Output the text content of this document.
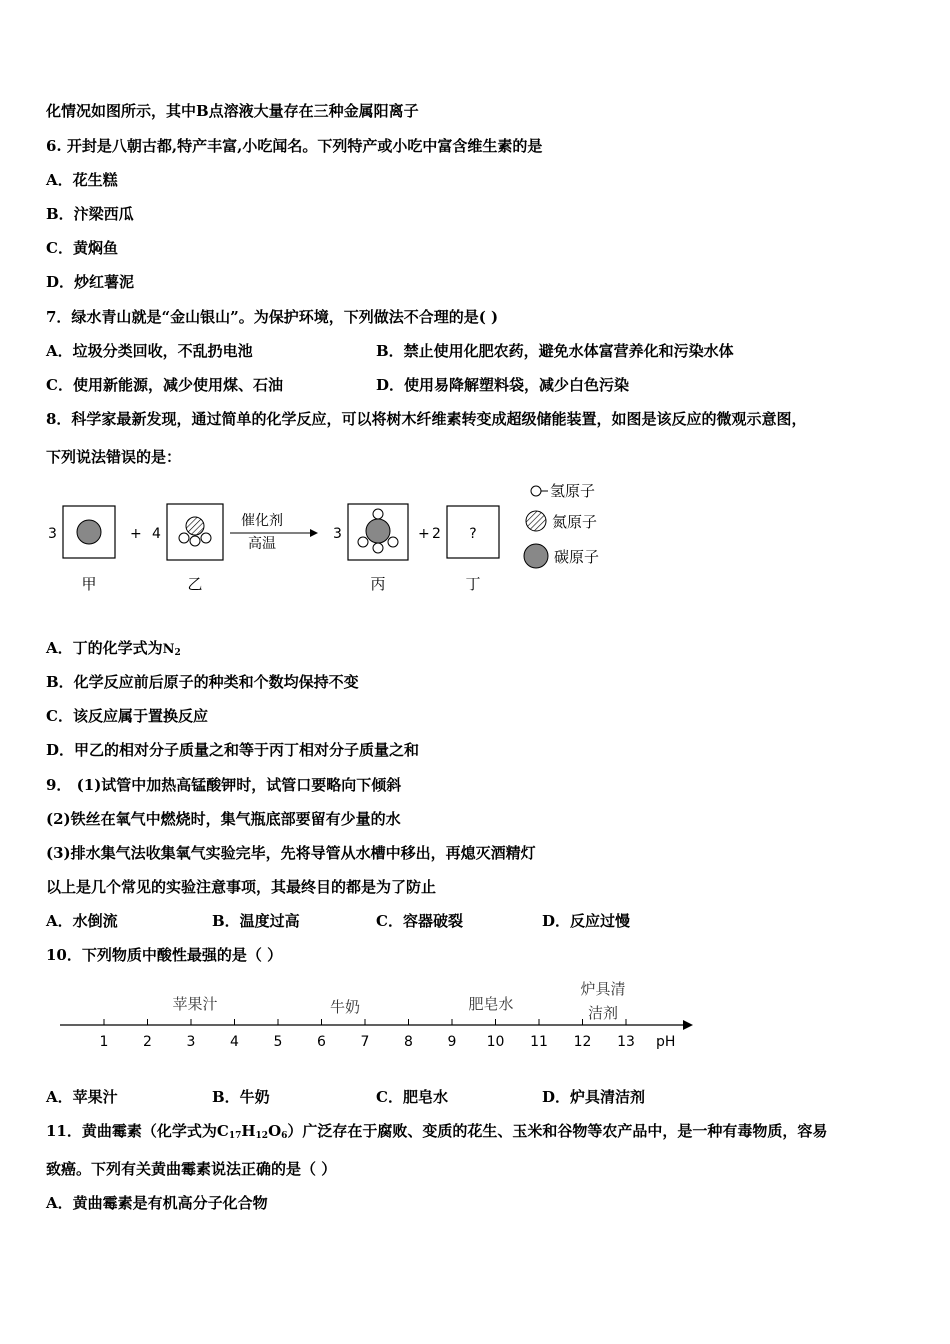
化情况如图所示，其中B点溶液大量存在三种金属阳离子
6. 开封是八朝古都,特产丰富,小吃闻名。下列特产或小吃中富含维生素的是
A．花生糕
B．汴梁西瓜
C．黄焖鱼
D．炒红薯泥
7．绿水青山就是“金山银山”。为保护环境，下列做法不合理的是( )
A．垃圾分类回收，不乱扔电池	B．禁止使用化肥农药，避免水体富营养化和污染水体
C．使用新能源，减少使用煤、石油	D．使用易降解塑料袋，减少白色污染
8．科学家最新发现，通过简单的化学反应，可以将树木纤维素转变成超级储能装置，如图是该反应的微观示意图，
下列说法错误的是：
3	+ 4
催化剂
高温
3	+ 2 ?
甲	乙	丙	丁
氢原子
氮原子
碳原子
A．丁的化学式为$N_2$
B．化学反应前后原子的种类和个数均保持不变
C．该反应属于置换反应
D．甲乙的相对分子质量之和等于丙丁相对分子质量之和
9． (1)试管中加热高锰酸钾时，试管口要略向下倾斜
(2)铁丝在氧气中燃烧时，集气瓶底部要留有少量的水
(3)排水集气法收集氧气实验完毕，先将导管从水槽中移出，再熄灭酒精灯
以上是几个常见的实验注意事项，其最终目的都是为了防止
A．水倒流	B．温度过高	C．容器破裂	D．反应过慢
10．下列物质中酸性最强的是（ ）
1 2 3 4 5 6 7 8 9 10 11 12 13 pH
苹果汁	牛奶	肥皂水
炉具清
洁剂
A．苹果汁	B．牛奶	C．肥皂水	D．炉具清洁剂
11．黄曲霉素（化学式为$C_{17}H_{12}O_6$）广泛存在于腐败、变质的花生、玉米和谷物等农产品中，是一种有毒物质，容易
致癌。下列有关黄曲霉素说法正确的是（ ）
A．黄曲霉素是有机高分子化合物
